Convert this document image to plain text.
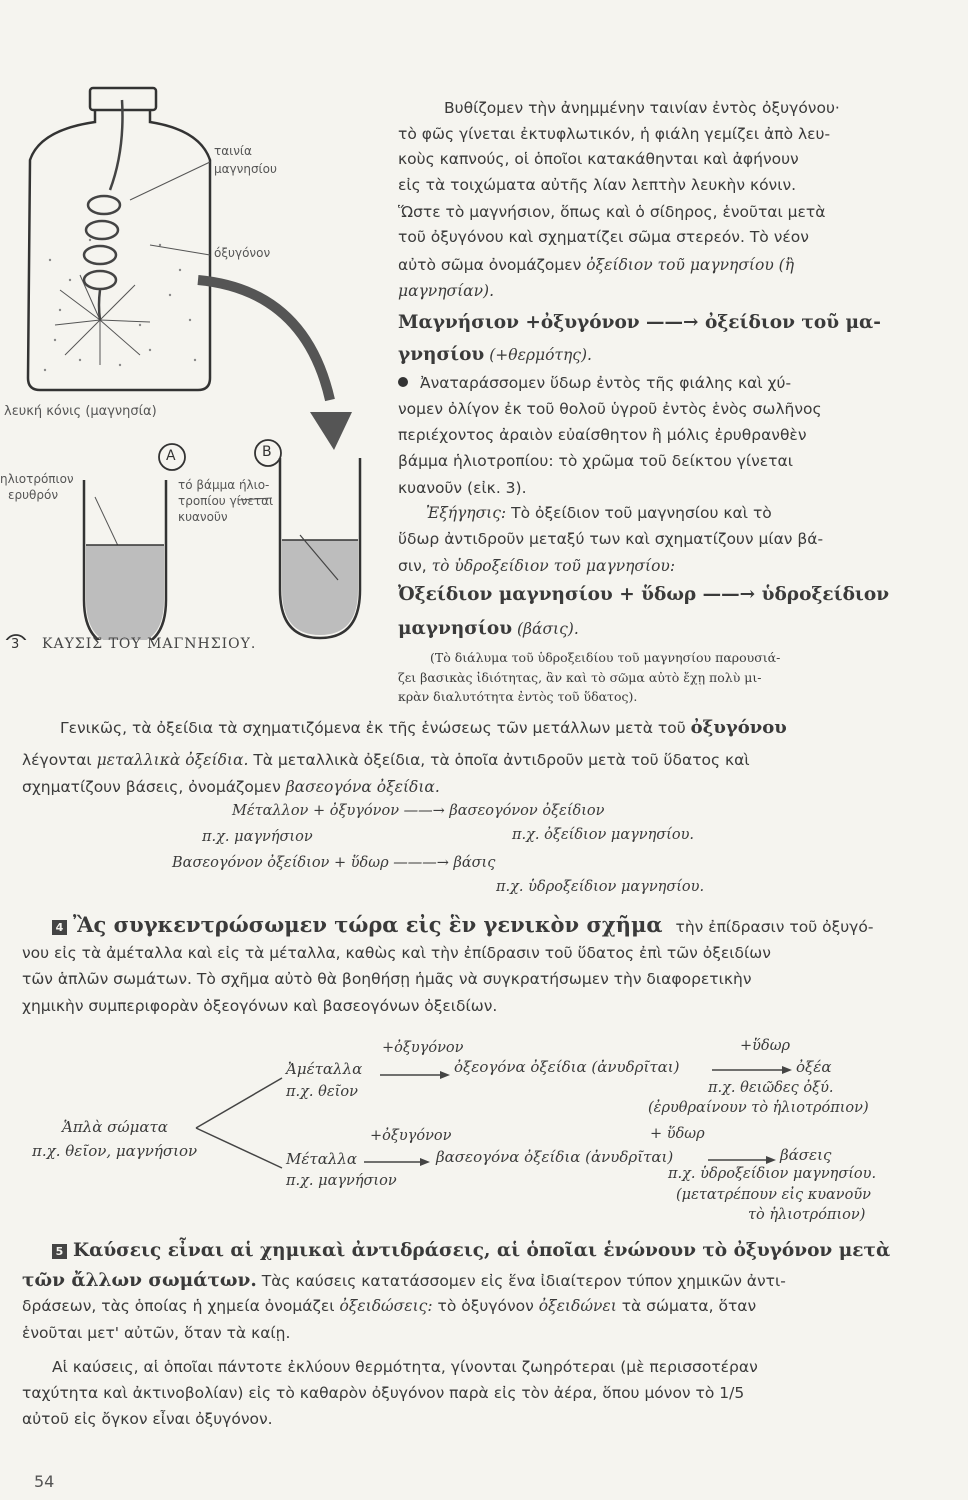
ταινία
μαγνησίου
όξυγόνον
λευκή κόνις (μαγνησία)
ηλιοτρόπιον
ερυθρόν
A	B
τό βάμμα ήλιο-
τροπίου γίνεται
κυανοῦν
3 ΚΑΥΣΙΣ ΤΟΥ ΜΑΓΝΗΣΙΟΥ.
Βυθίζομεν τὴν ἀνημμένην ταινίαν ἐντὸς ὀξυγόνου·
τὸ φῶς γίνεται ἐκτυφλωτικόν, ἡ φιάλη γεμίζει ἀπὸ λευ-
κοὺς καπνούς, οἱ ὁποῖοι κατακάθηνται καὶ ἀφήνουν
εἰς τὰ τοιχώματα αὐτῆς λίαν λεπτὴν λευκὴν κόνιν.
Ὥστε τὸ μαγνήσιον, ὅπως καὶ ὁ σίδηρος, ἑνοῦται μετὰ
τοῦ ὀξυγόνου καὶ σχηματίζει σῶμα στερεόν. Τὸ νέον
αὐτὸ σῶμα ὀνομάζομεν ὀξείδιον τοῦ μαγνησίου (ἢ
μαγνησίαν).
Μαγνήσιον +ὀξυγόνον ——→ ὀξείδιον τοῦ μα-
γνησίου (+θερμότης).
Ἀναταράσσομεν ὕδωρ ἐντὸς τῆς φιάλης καὶ χύ-
νομεν ὀλίγον ἐκ τοῦ θολοῦ ὑγροῦ ἐντὸς ἑνὸς σωλῆνος
περιέχοντος ἀραιὸν εὐαίσθητον ἢ μόλις ἐρυθρανθὲν
βάμμα ἡλιοτροπίου: τὸ χρῶμα τοῦ δείκτου γίνεται
κυανοῦν (εἰκ. 3).
Ἐξήγησις: Τὸ ὀξείδιον τοῦ μαγνησίου καὶ τὸ
ὕδωρ ἀντιδροῦν μεταξύ των καὶ σχηματίζουν μίαν βά-
σιν, τὸ ὑδροξείδιον τοῦ μαγνησίου:
Ὀξείδιον μαγνησίου + ὕδωρ ——→ ὑδροξείδιον
μαγνησίου (βάσις).
(Τὸ διάλυμα τοῦ ὑδροξειδίου τοῦ μαγνησίου παρουσιά-
ζει βασικὰς ἰδιότητας, ἂν καὶ τὸ σῶμα αὐτὸ ἔχῃ πολὺ μι-
κρὰν διαλυτότητα ἐντὸς τοῦ ὕδατος).
Γενικῶς, τὰ ὀξείδια τὰ σχηματιζόμενα ἐκ τῆς ἑνώσεως τῶν μετάλλων μετὰ τοῦ ὀξυγόνου
λέγονται μεταλλικὰ ὀξείδια. Τὰ μεταλλικὰ ὀξείδια, τὰ ὁποῖα ἀντιδροῦν μετὰ τοῦ ὕδατος καὶ
σχηματίζουν βάσεις, ὀνομάζομεν βασεογόνα ὀξείδια.
Μέταλλον + ὀξυγόνον ——→ βασεογόνον ὀξείδιον
π.χ. μαγνήσιον	π.χ. ὀξείδιον μαγνησίου.
Βασεογόνον ὀξείδιον + ὕδωρ ———→ βάσις
π.χ. ὑδροξείδιον μαγνησίου.
4 Ἂς συγκεντρώσωμεν τώρα εἰς ἓν γενικὸν σχῆμα τὴν ἐπίδρασιν τοῦ ὀξυγό-
νου εἰς τὰ ἀμέταλλα καὶ εἰς τὰ μέταλλα, καθὼς καὶ τὴν ἐπίδρασιν τοῦ ὕδατος ἐπὶ τῶν ὀξειδίων
τῶν ἁπλῶν σωμάτων. Τὸ σχῆμα αὐτὸ θὰ βοηθήσῃ ἡμᾶς νὰ συγκρατήσωμεν τὴν διαφορετικὴν
χημικὴν συμπεριφορὰν ὀξεογόνων καὶ βασεογόνων ὀξειδίων.
Ἁπλὰ σώματα
π.χ. θεῖον, μαγνήσιον
+ὀξυγόνον
Ἀμέταλλα
π.χ. θεῖον
ὀξεογόνα ὀξείδια (ἀνυδρῖται)
+ὕδωρ
ὀξέα
π.χ. θειῶδες ὀξύ.
(ἐρυθραίνουν τὸ ἡλιοτρόπιον)
+ὀξυγόνον
Μέταλλα
π.χ. μαγνήσιον
βασεογόνα ὀξείδια (ἀνυδρῖται)
+ ὕδωρ
βάσεις
π.χ. ὑδροξείδιον μαγνησίου.
(μετατρέπουν εἰς κυανοῦν
τὸ ἡλιοτρόπιον)
5 Καύσεις εἶναι αἱ χημικαὶ ἀντιδράσεις, αἱ ὁποῖαι ἑνώνουν τὸ ὀξυγόνον μετὰ
τῶν ἄλλων σωμάτων. Τὰς καύσεις κατατάσσομεν εἰς ἕνα ἰδιαίτερον τύπον χημικῶν ἀντι-
δράσεων, τὰς ὁποίας ἡ χημεία ὀνομάζει ὀξειδώσεις: τὸ ὀξυγόνον ὀξειδώνει τὰ σώματα, ὅταν
ἑνοῦται μετ' αὐτῶν, ὅταν τὰ καίῃ.
Αἱ καύσεις, αἱ ὁποῖαι πάντοτε ἐκλύουν θερμότητα, γίνονται ζωηρότεραι (μὲ περισσοτέραν
ταχύτητα καὶ ἀκτινοβολίαν) εἰς τὸ καθαρὸν ὀξυγόνον παρὰ εἰς τὸν ἀέρα, ὅπου μόνον τὸ 1/5
αὐτοῦ εἰς ὄγκον εἶναι ὀξυγόνον.
54
